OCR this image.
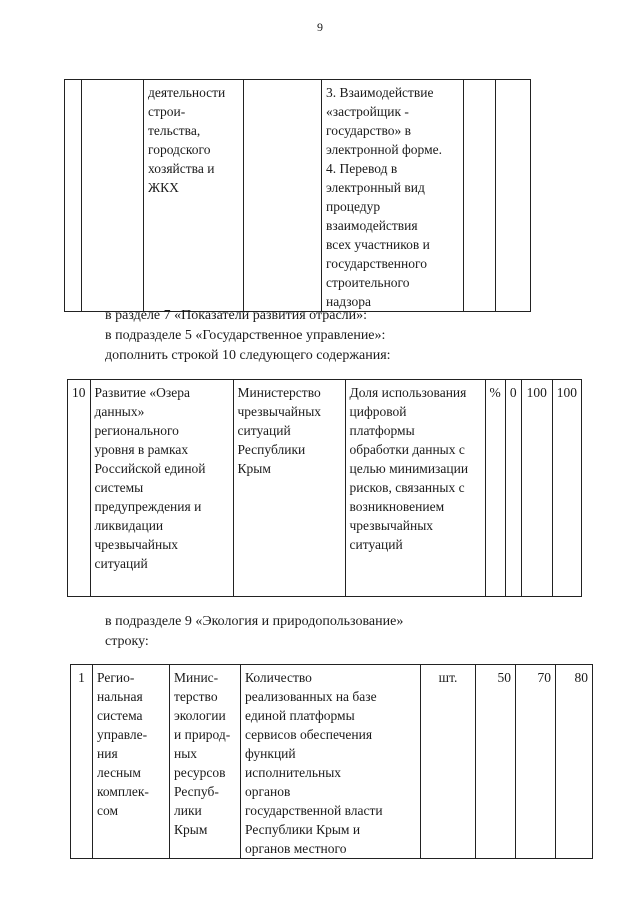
9
		деятельности
строи-
тельства,
городского
хозяйства и
ЖКХ		3. Взаимодействие
«застройщик -
государство» в
электронной форме.
4. Перевод в
электронный вид
процедур
взаимодействия
всех участников и
государственного
строительного
надзора		
в разделе 7 «Показатели развития отрасли»:
в подразделе 5 «Государственное управление»:
дополнить строкой 10 следующего содержания:
10	Развитие «Озера
данных»
регионального
уровня в рамках
Российской единой
системы
предупреждения и
ликвидации
чрезвычайных
ситуаций	Министерство
чрезвычайных
ситуаций
Республики
Крым	Доля использования
цифровой
платформы
обработки данных с
целью минимизации
рисков, связанных с
возникновением
чрезвычайных
ситуаций	%	0	100	100
в подразделе 9 «Экология и природопользование»
строку:
1	Регио-
нальная
система
управле-
ния
лесным
комплек-
сом	Минис-
терство
экологии
и природ-
ных
ресурсов
Респуб-
лики
Крым	Количество
реализованных на базе
единой платформы
сервисов обеспечения
функций
исполнительных
органов
государственной власти
Республики Крым и
органов местного	шт.	50	70	80
